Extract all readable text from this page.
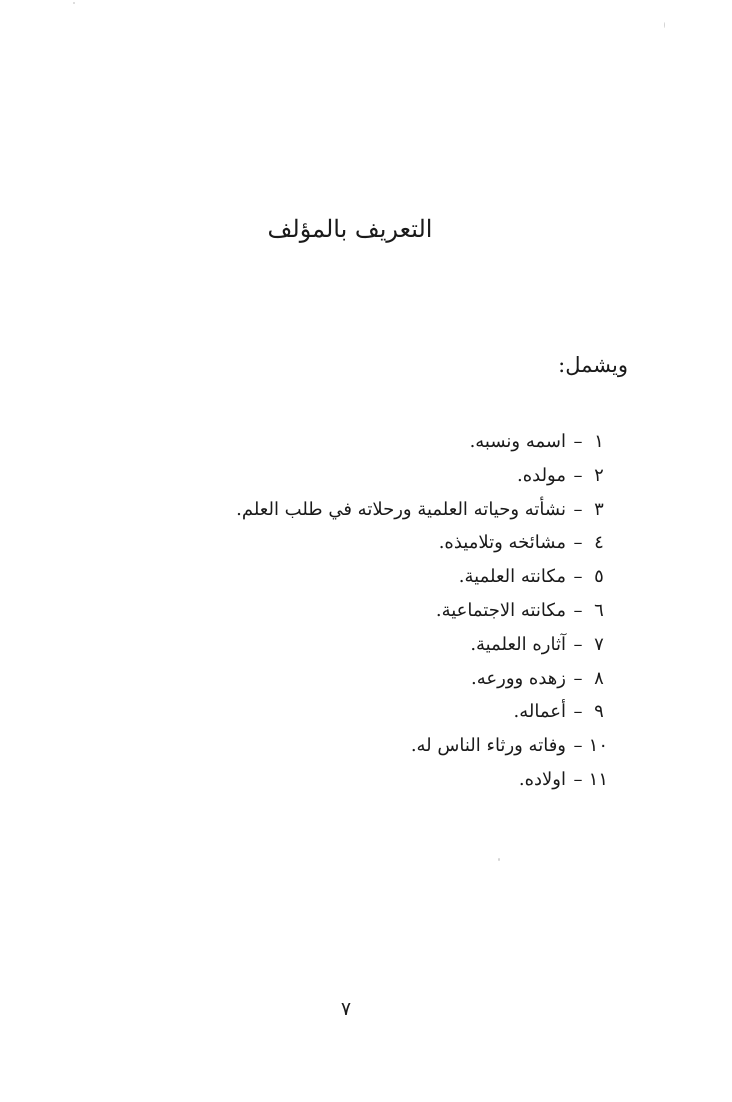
التعريف بالمؤلف
ويشمل:
١
–
اسمه ونسبه.
٢
–
مولده.
٣
–
نشأته وحياته العلمية ورحلاته في طلب العلم.
٤
–
مشائخه وتلاميذه.
٥
–
مكانته العلمية.
٦
–
مكانته الاجتماعية.
٧
–
آثاره العلمية.
٨
–
زهده وورعه.
٩
–
أعماله.
١٠
–
وفاته ورثاء الناس له.
١١
–
اولاده.
٧
